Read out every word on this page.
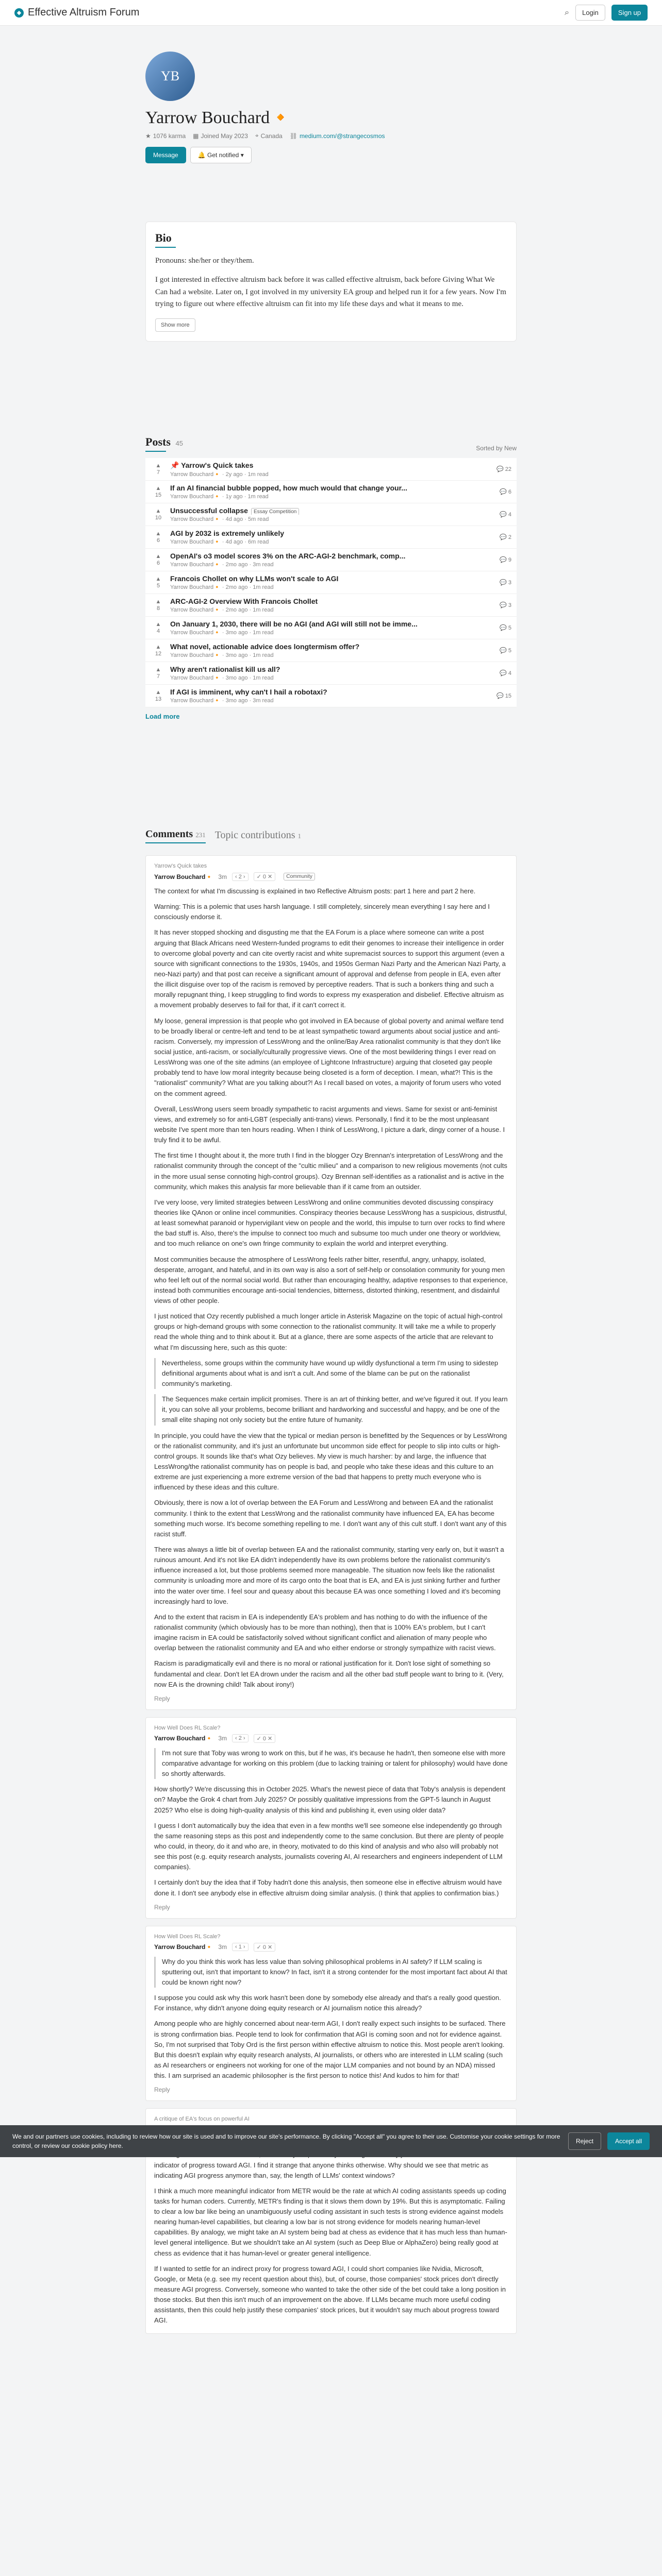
◆ Effective Altruism Forum	⌕	Login	Sign up
YB
Yarrow Bouchard🔸
★ 1076 karma ▦ Joined May 2023 ⌖ Canada ⛓ medium.com/@strangecosmos
Message	🔔 Get notified ▾
Bio

Pronouns: she/her or they/them.

I got interested in effective altruism back before it was called effective altruism, back before Giving What We Can had a website. Later on, I got involved in my university EA group and helped run it for a few years. Now I'm trying to figure out where effective altruism can fit into my life these days and what it means to me.

Show more
Posts 45
Sorted by New
▲
7
📌 Yarrow's Quick takes
Yarrow Bouchard🔸 · 2y ago · 1m read
💬 22
▲
15
If an AI financial bubble popped, how much would that change your...
Yarrow Bouchard🔸 · 1y ago · 1m read
💬 6
▲
10
Unsuccessful collapse Essay Competition
Yarrow Bouchard🔸 · 4d ago · 5m read
💬 4
▲
6
AGI by 2032 is extremely unlikely
Yarrow Bouchard🔸 · 4d ago · 6m read
💬 2
▲
6
OpenAI's o3 model scores 3% on the ARC-AGI-2 benchmark, comp...
Yarrow Bouchard🔸 · 2mo ago · 3m read
💬 9
▲
5
Francois Chollet on why LLMs won't scale to AGI
Yarrow Bouchard🔸 · 2mo ago · 1m read
💬 3
▲
8
ARC-AGI-2 Overview With Francois Chollet
Yarrow Bouchard🔸 · 2mo ago · 1m read
💬 3
▲
4
On January 1, 2030, there will be no AGI (and AGI will still not be imme...
Yarrow Bouchard🔸 · 3mo ago · 1m read
💬 5
▲
12
What novel, actionable advice does longtermism offer?
Yarrow Bouchard🔸 · 3mo ago · 1m read
💬 5
▲
7
Why aren't rationalist kill us all?
Yarrow Bouchard🔸 · 3mo ago · 1m read
💬 4
▲
13
If AGI is imminent, why can't I hail a robotaxi?
Yarrow Bouchard🔸 · 3mo ago · 3m read
💬 15
Load more
Comments 231 Topic contributions 1
Yarrow's Quick takes
Yarrow Bouchard🔸 3m	‹ 2 ›	✓ 0 ✕	Community

The context for what I'm discussing is explained in two Reflective Altruism posts: part 1 here and part 2 here.

Warning: This is a polemic that uses harsh language. I still completely, sincerely mean everything I say here and I consciously endorse it.

It has never stopped shocking and disgusting me that the EA Forum is a place where someone can write a post arguing that Black Africans need Western-funded programs to edit their genomes to increase their intelligence in order to overcome global poverty and can cite overtly racist and white supremacist sources to support this argument (even a source with significant connections to the 1930s, 1940s, and 1950s German Nazi Party and the American Nazi Party, a neo-Nazi party) and that post can receive a significant amount of approval and defense from people in EA, even after the illicit disguise over top of the racism is removed by perceptive readers. That is such a bonkers thing and such a morally repugnant thing, I keep struggling to find words to express my exasperation and disbelief. Effective altruism as a movement probably deserves to fail for that, if it can't correct it.

My loose, general impression is that people who got involved in EA because of global poverty and animal welfare tend to be broadly liberal or centre-left and tend to be at least sympathetic toward arguments about social justice and anti-racism. Conversely, my impression of LessWrong and the online/Bay Area rationalist community is that they don't like social justice, anti-racism, or socially/culturally progressive views. One of the most bewildering things I ever read on LessWrong was one of the site admins (an employee of Lightcone Infrastructure) arguing that closeted gay people probably tend to have low moral integrity because being closeted is a form of deception. I mean, what?! This is the "rationalist" community? What are you talking about?! As I recall based on votes, a majority of forum users who voted on the comment agreed.

Overall, LessWrong users seem broadly sympathetic to racist arguments and views. Same for sexist or anti-feminist views, and extremely so for anti-LGBT (especially anti-trans) views. Personally, I find it to be the most unpleasant website I've spent more than ten hours reading. When I think of LessWrong, I picture a dark, dingy corner of a house. I truly find it to be awful.

The first time I thought about it, the more truth I find in the blogger Ozy Brennan's interpretation of LessWrong and the rationalist community through the concept of the "cultic milieu" and a comparison to new religious movements (not cults in the more usual sense connoting high-control groups). Ozy Brennan self-identifies as a rationalist and is active in the community, which makes this analysis far more believable than if it came from an outsider.

I've very loose, very limited strategies between LessWrong and online communities devoted discussing conspiracy theories like QAnon or online incel communities. Conspiracy theories because LessWrong has a suspicious, distrustful, at least somewhat paranoid or hypervigilant view on people and the world, this impulse to turn over rocks to find where the bad stuff is. Also, there's the impulse to connect too much and subsume too much under one theory or worldview, and too much reliance on one's own fringe community to explain the world and interpret everything.

Most communities because the atmosphere of LessWrong feels rather bitter, resentful, angry, unhappy, isolated, desperate, arrogant, and hateful, and in its own way is also a sort of self-help or consolation community for young men who feel left out of the normal social world. But rather than encouraging healthy, adaptive responses to that experience, instead both communities encourage anti-social tendencies, bitterness, distorted thinking, resentment, and disdainful views of other people.

I just noticed that Ozy recently published a much longer article in Asterisk Magazine on the topic of actual high-control groups or high-demand groups with some connection to the rationalist community. It will take me a while to properly read the whole thing and to think about it. But at a glance, there are some aspects of the article that are relevant to what I'm discussing here, such as this quote:

Nevertheless, some groups within the community have wound up wildly dysfunctional a term I'm using to sidestep definitional arguments about what is and isn't a cult. And some of the blame can be put on the rationalist community's marketing.

The Sequences make certain implicit promises. There is an art of thinking better, and we've figured it out. If you learn it, you can solve all your problems, become brilliant and hardworking and successful and happy, and be one of the small elite shaping not only society but the entire future of humanity.

In principle, you could have the view that the typical or median person is benefitted by the Sequences or by LessWrong or the rationalist community, and it's just an unfortunate but uncommon side effect for people to slip into cults or high-control groups. It sounds like that's what Ozy believes. My view is much harsher: by and large, the influence that LessWrong/the rationalist community has on people is bad, and people who take these ideas and this culture to an extreme are just experiencing a more extreme version of the bad that happens to pretty much everyone who is influenced by these ideas and this culture.

Obviously, there is now a lot of overlap between the EA Forum and LessWrong and between EA and the rationalist community. I think to the extent that LessWrong and the rationalist community have influenced EA, EA has become something much worse. It's become something repelling to me. I don't want any of this cult stuff. I don't want any of this racist stuff.

There was always a little bit of overlap between EA and the rationalist community, starting very early on, but it wasn't a ruinous amount. And it's not like EA didn't independently have its own problems before the rationalist community's influence increased a lot, but those problems seemed more manageable. The situation now feels like the rationalist community is unloading more and more of its cargo onto the boat that is EA, and EA is just sinking further and further into the water over time. I feel sour and queasy about this because EA was once something I loved and it's becoming increasingly hard to love.

And to the extent that racism in EA is independently EA's problem and has nothing to do with the influence of the rationalist community (which obviously has to be more than nothing), then that is 100% EA's problem, but I can't imagine racism in EA could be satisfactorily solved without significant conflict and alienation of many people who overlap between the rationalist community and EA and who either endorse or strongly sympathize with racist views.

Racism is paradigmatically evil and there is no moral or rational justification for it. Don't lose sight of something so fundamental and clear. Don't let EA drown under the racism and all the other bad stuff people want to bring to it. (Very, now EA is the drowning child! Talk about irony!)

Reply
How Well Does RL Scale?
Yarrow Bouchard🔸 3m	‹ 2 ›	✓ 0 ✕

I'm not sure that Toby was wrong to work on this, but if he was, it's because he hadn't, then someone else with more comparative advantage for working on this problem (due to lacking training or talent for philosophy) would have done so shortly afterwards.

How shortly? We're discussing this in October 2025. What's the newest piece of data that Toby's analysis is dependent on? Maybe the Grok 4 chart from July 2025? Or possibly qualitative impressions from the GPT-5 launch in August 2025? Who else is doing high-quality analysis of this kind and publishing it, even using older data?

I guess I don't automatically buy the idea that even in a few months we'll see someone else independently go through the same reasoning steps as this post and independently come to the same conclusion. But there are plenty of people who could, in theory, do it and who are, in theory, motivated to do this kind of analysis and who also will probably not see this post (e.g. equity research analysts, journalists covering AI, AI researchers and engineers independent of LLM companies).

I certainly don't buy the idea that if Toby hadn't done this analysis, then someone else in effective altruism would have done it. I don't see anybody else in effective altruism doing similar analysis. (I think that applies to confirmation bias.)

Reply
How Well Does RL Scale?
Yarrow Bouchard🔸 3m	‹ 1 ›	✓ 0 ✕

Why do you think this work has less value than solving philosophical problems in AI safety? If LLM scaling is sputtering out, isn't that important to know? In fact, isn't it a strong contender for the most important fact about AI that could be known right now?

I suppose you could ask why this work hasn't been done by somebody else already and that's a really good question. For instance, why didn't anyone doing equity research or AI journalism notice this already?

Among people who are highly concerned about near-term AGI, I don't really expect such insights to be surfaced. There is strong confirmation bias. People tend to look for confirmation that AGI is coming soon and not for evidence against. So, I'm not surprised that Toby Ord is the first person within effective altruism to notice this. Most people aren't looking. But this doesn't explain why equity research analysts, AI journalists, or others who are interested in LLM scaling (such as AI researchers or engineers not working for one of the major LLM companies and not bound by an NDA) missed this. I am surprised an academic philosopher is the first person to notice this! And kudos to him for that!

Reply
A critique of EA's focus on powerful AI

indicator of progress toward AGI. I find it strange that anyone thinks otherwise. Why should we see that metric as indicating AGI progress anymore than, say, the length of LLMs' context windows?

I think a much more meaningful indicator from METR would be the rate at which AI coding assistants speeds up coding tasks for human coders. Currently, METR's finding is that it slows them down by 19%. But this is asymptomatic. Failing to clear a low bar like being an unambiguously useful coding assistant in such tests is strong evidence against models nearing human-level capabilities, but clearing a low bar is not strong evidence for models nearing human-level capabilities. By analogy, we might take an AI system being bad at chess as evidence that it has much less than human-level general intelligence. But we shouldn't take an AI system (such as Deep Blue or AlphaZero) being really good at chess as evidence that it has human-level or greater general intelligence.

If I wanted to settle for an indirect proxy for progress toward AGI, I could short companies like Nvidia, Microsoft, Google, or Meta (e.g. see my recent question about this), but, of course, those companies' stock prices don't directly measure AGI progress. Conversely, someone who wanted to take the other side of the bet could take a long position in those stocks. But then this isn't much of an improvement on the above. If LLMs became much more useful coding assistants, then this could help justify these companies' stock prices, but it wouldn't say much about progress toward AGI.

We and our partners use cookies, including to review how our site is used and to improve our site's performance. By clicking "Accept all" you agree to their use. Customise your cookie settings for more control, or review our cookie policy here.
Reject	Accept all
